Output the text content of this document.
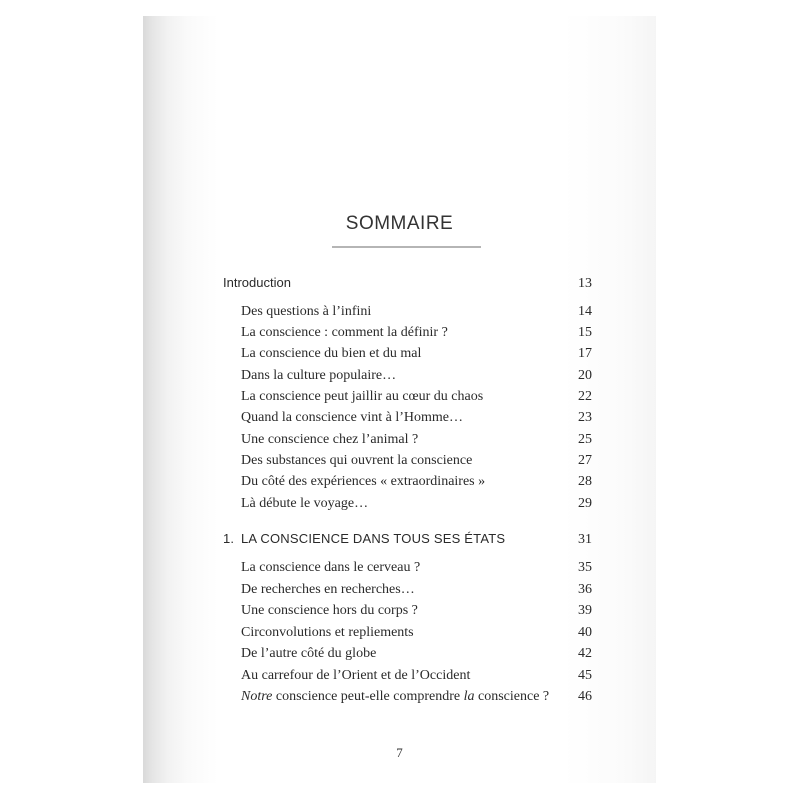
SOMMAIRE
Introduction	13
Des questions à l’infini	14
La conscience : comment la définir ?	15
La conscience du bien et du mal	17
Dans la culture populaire…	20
La conscience peut jaillir au cœur du chaos	22
Quand la conscience vint à l’Homme…	23
Une conscience chez l’animal ?	25
Des substances qui ouvrent la conscience	27
Du côté des expériences « extraordinaires »	28
Là débute le voyage…	29
1. LA CONSCIENCE DANS TOUS SES ÉTATS	31
La conscience dans le cerveau ?	35
De recherches en recherches…	36
Une conscience hors du corps ?	39
Circonvolutions et repliements	40
De l’autre côté du globe	42
Au carrefour de l’Orient et de l’Occident	45
Notre conscience peut-elle comprendre la conscience ? 46
7
